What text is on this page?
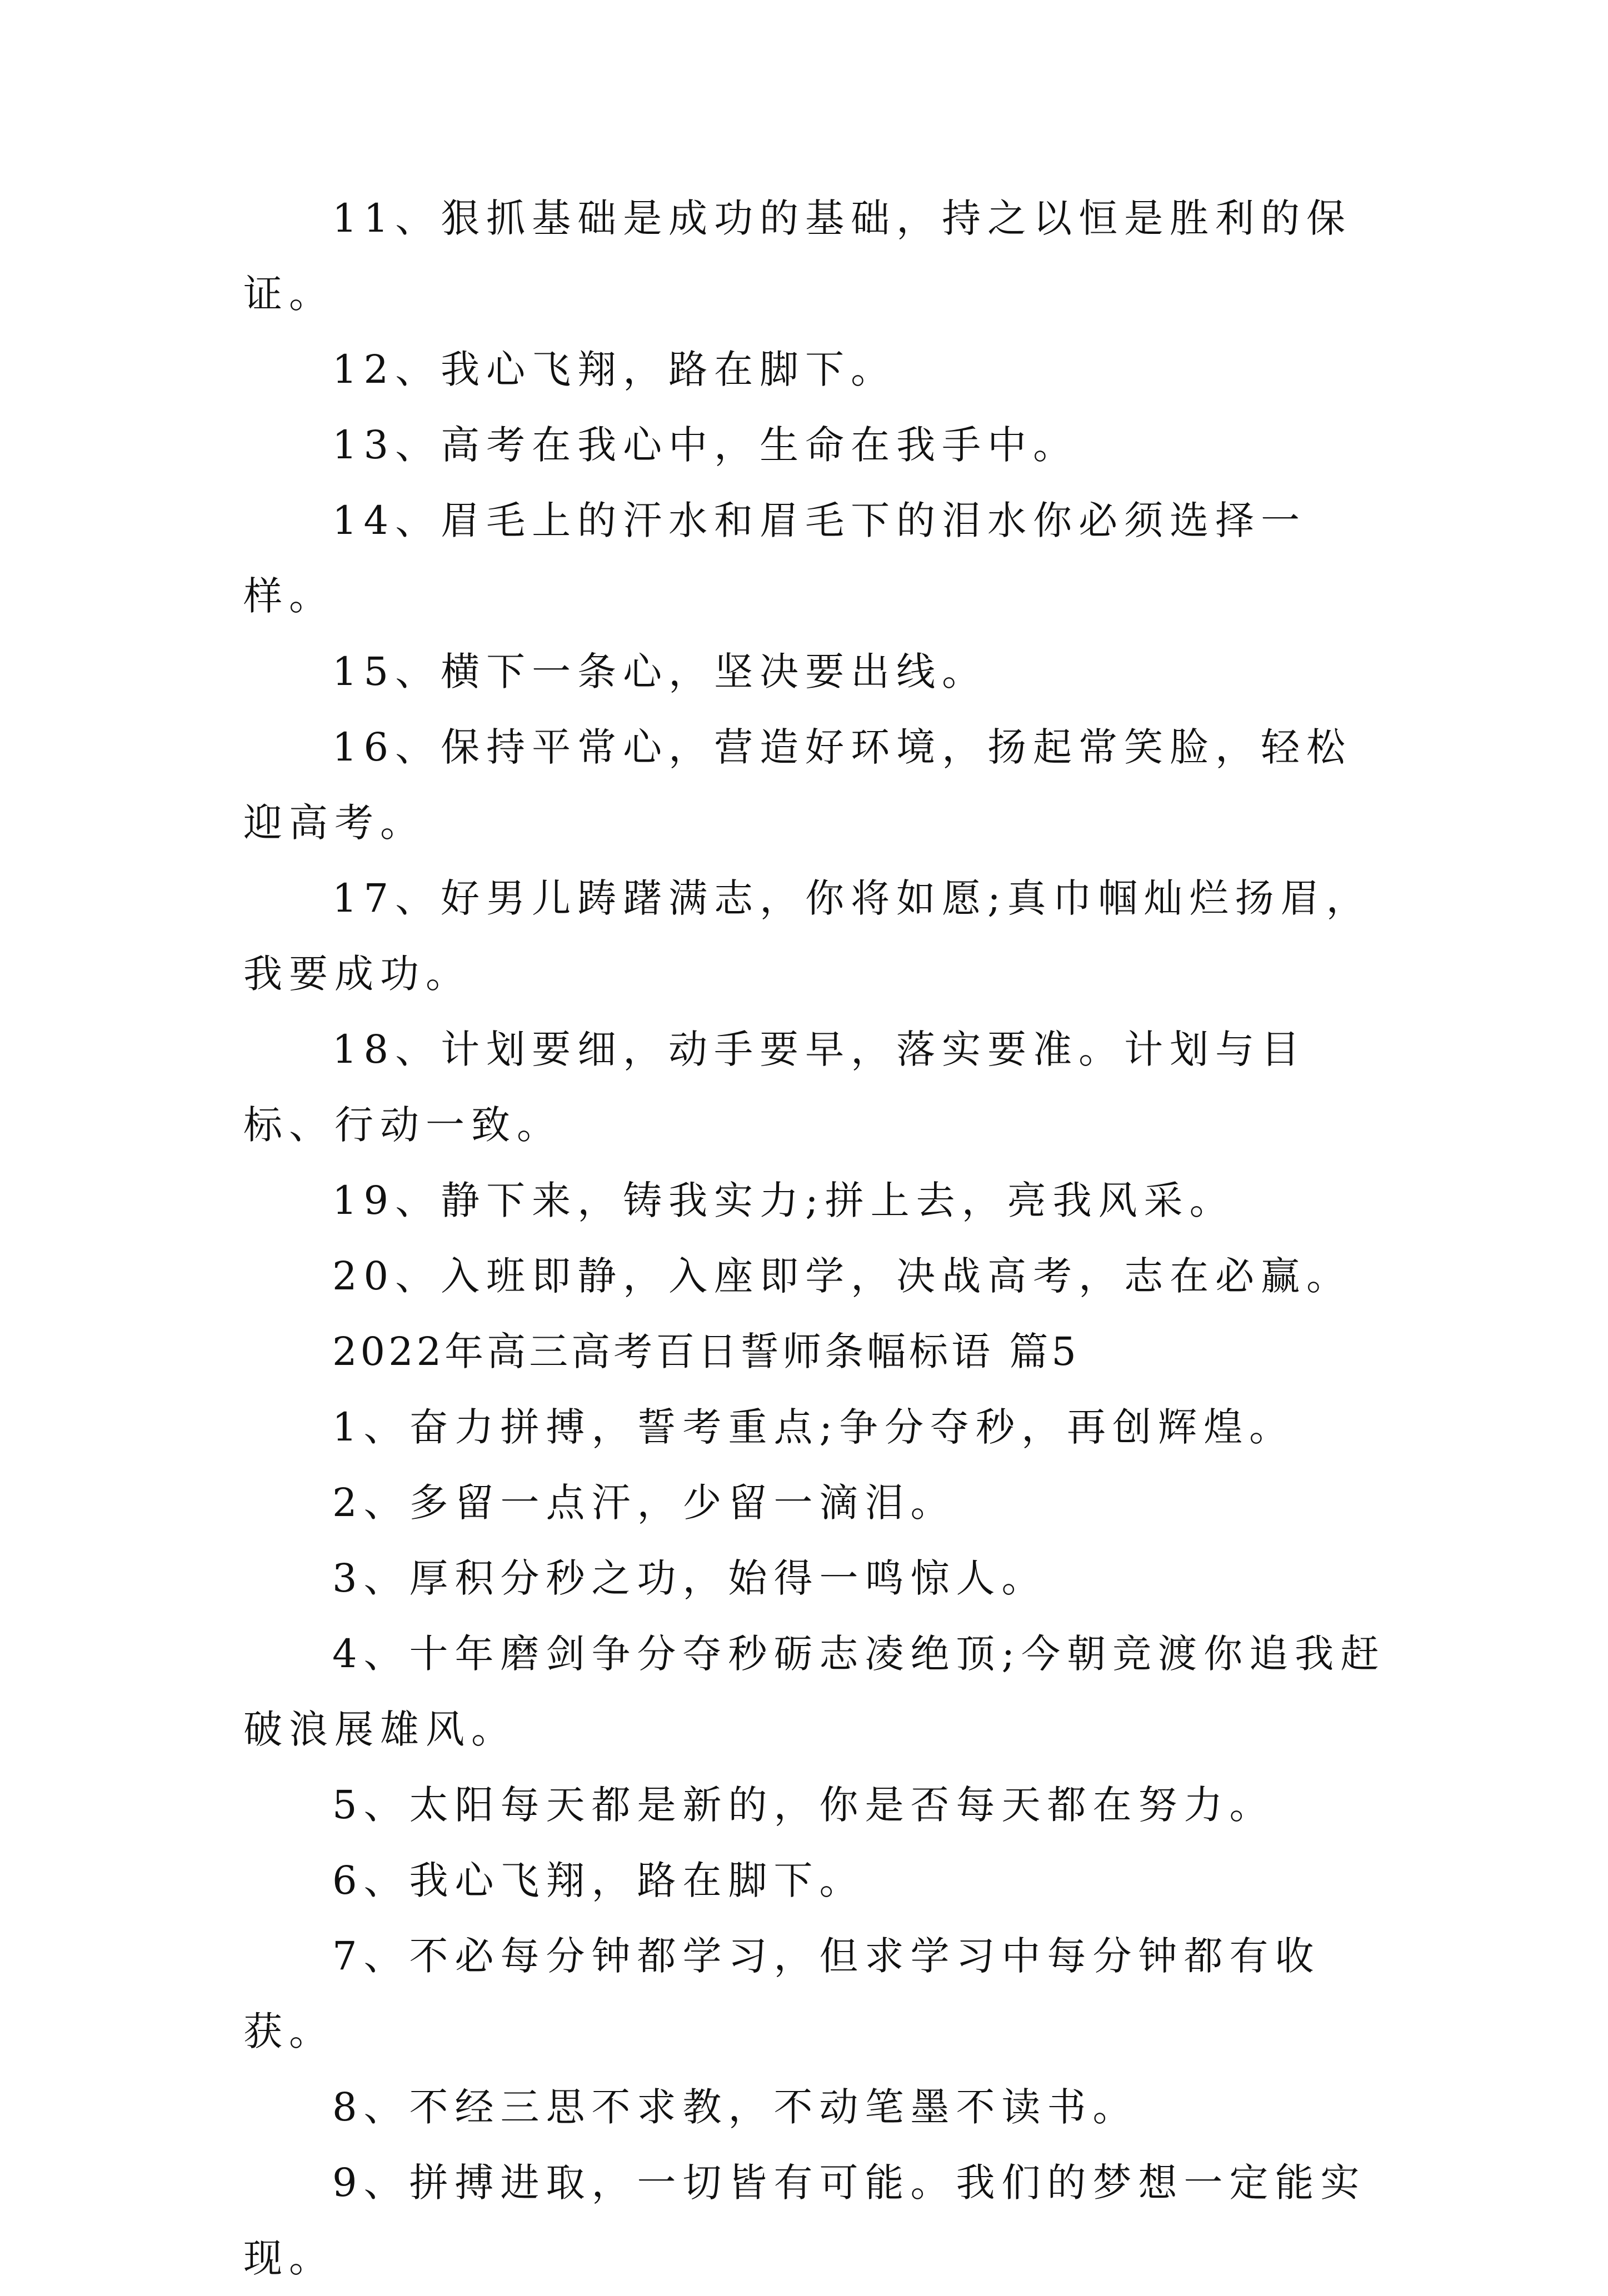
11、狠抓基础是成功的基础，持之以恒是胜利的保证。

12、我心飞翔，路在脚下。

13、高考在我心中，生命在我手中。

14、眉毛上的汗水和眉毛下的泪水你必须选择一样。

15、横下一条心，坚决要出线。

16、保持平常心，营造好环境，扬起常笑脸，轻松迎高考。

17、好男儿踌躇满志，你将如愿;真巾帼灿烂扬眉，我要成功。

18、计划要细，动手要早，落实要准。计划与目标、行动一致。

19、静下来，铸我实力;拼上去，亮我风采。

20、入班即静，入座即学，决战高考，志在必赢。

2022年高三高考百日誓师条幅标语 篇5

1、奋力拼搏，誓考重点;争分夺秒，再创辉煌。

2、多留一点汗，少留一滴泪。

3、厚积分秒之功，始得一鸣惊人。

4、十年磨剑争分夺秒砺志凌绝顶;今朝竞渡你追我赶破浪展雄风。

5、太阳每天都是新的，你是否每天都在努力。

6、我心飞翔，路在脚下。

7、不必每分钟都学习，但求学习中每分钟都有收获。

8、不经三思不求教，不动笔墨不读书。

9、拼搏进取，一切皆有可能。我们的梦想一定能实现。
